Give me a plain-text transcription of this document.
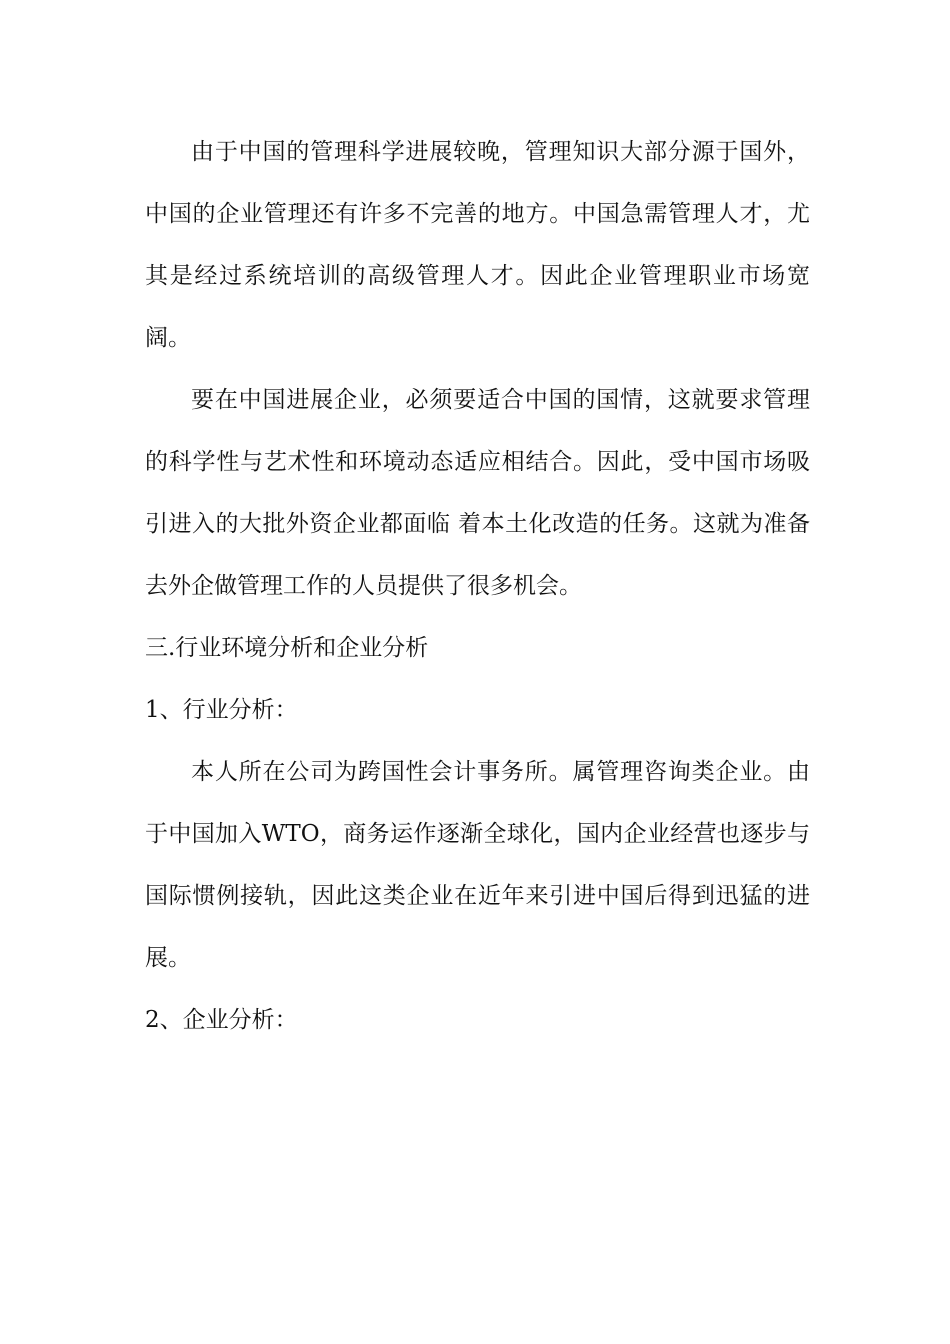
由于中国的管理科学进展较晚，管理知识大部分源于国外，中国的企业管理还有许多不完善的地方。中国急需管理人才，尤其是经过系统培训的高级管理人才。因此企业管理职业市场宽阔。

要在中国进展企业，必须要适合中国的国情，这就要求管理的科学性与艺术性和环境动态适应相结合。因此，受中国市场吸引进入的大批外资企业都面临 着本土化改造的任务。这就为准备去外企做管理工作的人员提供了很多机会。

三.行业环境分析和企业分析

1、行业分析：

本人所在公司为跨国性会计事务所。属管理咨询类企业。由于中国加入WTO，商务运作逐渐全球化，国内企业经营也逐步与国际惯例接轨，因此这类企业在近年来引进中国后得到迅猛的进展。

2、企业分析：
